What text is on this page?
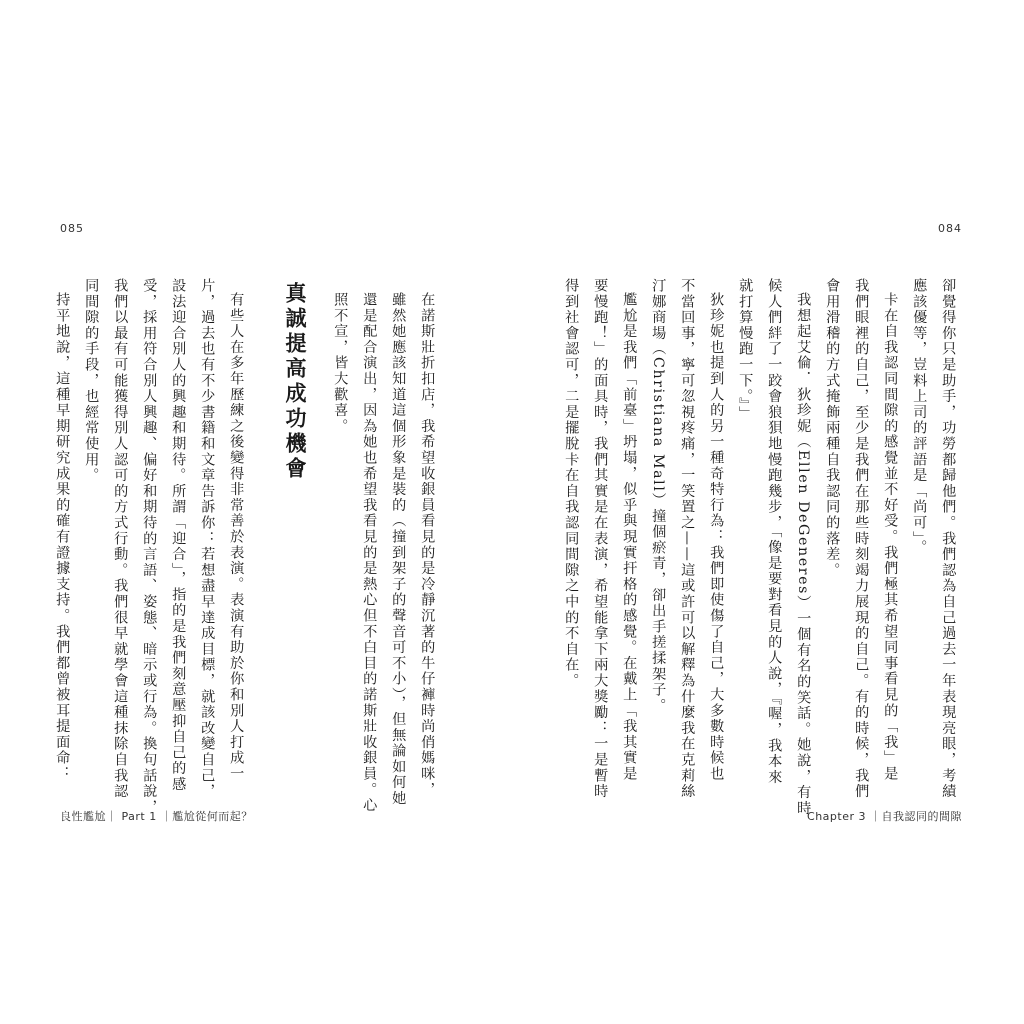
085	084
卻覺得你只是助手，功勞都歸他們。我們認為自己過去一年表現亮眼，考績
應該優等，豈料上司的評語是「尚可」。
卡在自我認同間隙的感覺並不好受。我們極其希望同事看見的「我」是
我們眼裡的自己，至少是我們在那些時刻竭力展現的自己。有的時候，我們
會用滑稽的方式掩飾兩種自我認同的落差。
我想起艾倫．狄珍妮（Ellen DeGeneres）一個有名的笑話。她說，有時
候人們絆了一跤會狼狽地慢跑幾步，「像是要對看見的人說，『喔，我本來
就打算慢跑一下。』」
狄珍妮也提到人的另一種奇特行為：我們即使傷了自己，大多數時候也
不當回事，寧可忽視疼痛，一笑置之——這或許可以解釋為什麼我在克莉絲
汀娜商場（Christiana Mall）撞個瘀青，卻出手搓揉架子。
尷尬是我們「前臺」坍塌，似乎與現實扞格的感覺。在戴上「我其實是
要慢跑！」的面具時，我們其實是在表演，希望能拿下兩大獎勵：一是暫時
得到社會認可，二是擺脫卡在自我認同間隙之中的不自在。
在諾斯壯折扣店，我希望收銀員看見的是冷靜沉著的牛仔褲時尚俏媽咪，
雖然她應該知道這個形象是裝的（撞到架子的聲音可不小），但無論如何她
還是配合演出，因為她也希望我看見的是熱心但不白目的諾斯壯收銀員。心
照不宣，皆大歡喜。
真誠提高成功機會
有些人在多年歷練之後變得非常善於表演。表演有助於你和別人打成一
片，過去也有不少書籍和文章告訴你：若想盡早達成目標，就該改變自己，
設法迎合別人的興趣和期待。所謂「迎合」，指的是我們刻意壓抑自己的感
受，採用符合別人興趣、偏好和期待的言語、姿態、暗示或行為。換句話說，
我們以最有可能獲得別人認可的方式行動。我們很早就學會這種抹除自我認
同間隙的手段，也經常使用。
持平地說，這種早期研究成果的確有證據支持。我們都曾被耳提面命：
良性尷尬｜ Part 1 ｜尷尬從何而起？	Chapter 3 ｜自我認同的間隙
